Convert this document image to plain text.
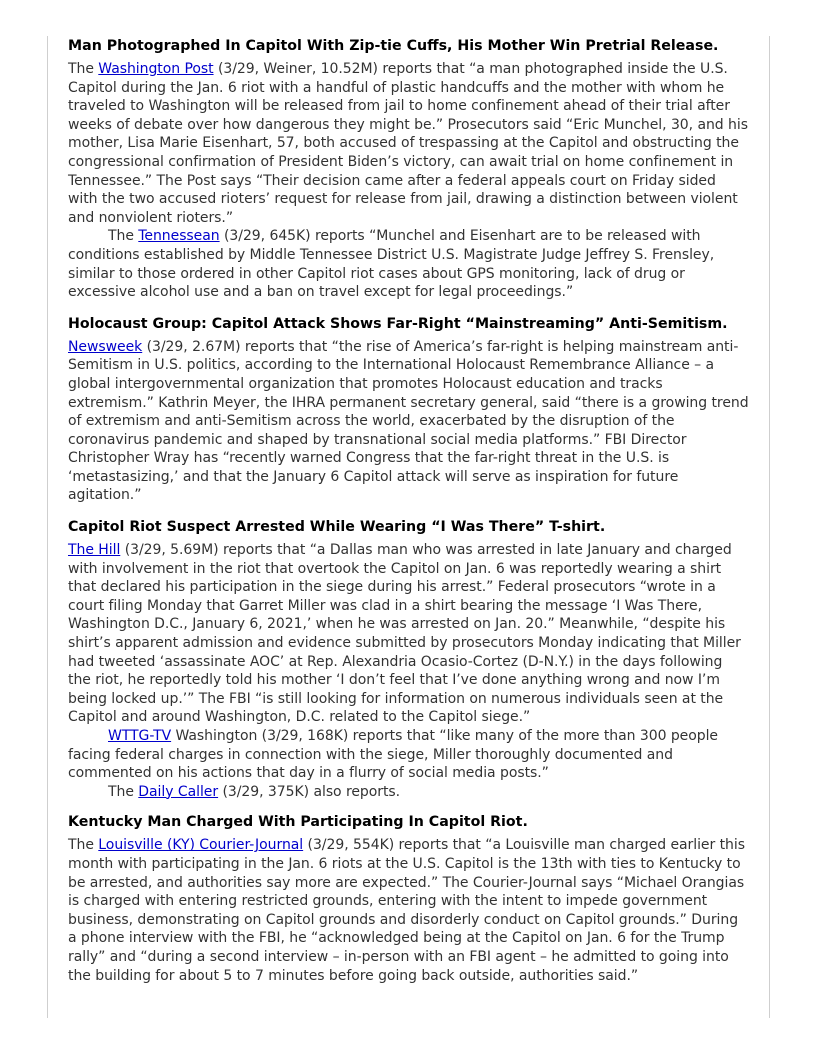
Man Photographed In Capitol With Zip-tie Cuffs, His Mother Win Pretrial Release.

The Washington Post (3/29, Weiner, 10.52M) reports that “a man photographed inside the U.S. Capitol during the Jan. 6 riot with a handful of plastic handcuffs and the mother with whom he traveled to Washington will be released from jail to home confinement ahead of their trial after weeks of debate over how dangerous they might be.” Prosecutors said “Eric Munchel, 30, and his mother, Lisa Marie Eisenhart, 57, both accused of trespassing at the Capitol and obstructing the congressional confirmation of President Biden’s victory, can await trial on home confinement in Tennessee.” The Post says “Their decision came after a federal appeals court on Friday sided with the two accused rioters’ request for release from jail, drawing a distinction between violent and nonviolent rioters.”

The Tennessean (3/29, 645K) reports “Munchel and Eisenhart are to be released with conditions established by Middle Tennessee District U.S. Magistrate Judge Jeffrey S. Frensley, similar to those ordered in other Capitol riot cases about GPS monitoring, lack of drug or excessive alcohol use and a ban on travel except for legal proceedings.”

Holocaust Group: Capitol Attack Shows Far-Right “Mainstreaming” Anti-Semitism.

Newsweek (3/29, 2.67M) reports that “the rise of America’s far-right is helping mainstream anti-Semitism in U.S. politics, according to the International Holocaust Remembrance Alliance – a global intergovernmental organization that promotes Holocaust education and tracks extremism.” Kathrin Meyer, the IHRA permanent secretary general, said “there is a growing trend of extremism and anti-Semitism across the world, exacerbated by the disruption of the coronavirus pandemic and shaped by transnational social media platforms.” FBI Director Christopher Wray has “recently warned Congress that the far-right threat in the U.S. is ‘metastasizing,’ and that the January 6 Capitol attack will serve as inspiration for future agitation.”

Capitol Riot Suspect Arrested While Wearing “I Was There” T-shirt.

The Hill (3/29, 5.69M) reports that “a Dallas man who was arrested in late January and charged with involvement in the riot that overtook the Capitol on Jan. 6 was reportedly wearing a shirt that declared his participation in the siege during his arrest.” Federal prosecutors “wrote in a court filing Monday that Garret Miller was clad in a shirt bearing the message ‘I Was There, Washington D.C., January 6, 2021,’ when he was arrested on Jan. 20.” Meanwhile, “despite his shirt’s apparent admission and evidence submitted by prosecutors Monday indicating that Miller had tweeted ‘assassinate AOC’ at Rep. Alexandria Ocasio-Cortez (D-N.Y.) in the days following the riot, he reportedly told his mother ‘I don’t feel that I’ve done anything wrong and now I’m being locked up.’” The FBI “is still looking for information on numerous individuals seen at the Capitol and around Washington, D.C. related to the Capitol siege.”

WTTG-TV Washington (3/29, 168K) reports that “like many of the more than 300 people facing federal charges in connection with the siege, Miller thoroughly documented and commented on his actions that day in a flurry of social media posts.”

The Daily Caller (3/29, 375K) also reports.

Kentucky Man Charged With Participating In Capitol Riot.

The Louisville (KY) Courier-Journal (3/29, 554K) reports that “a Louisville man charged earlier this month with participating in the Jan. 6 riots at the U.S. Capitol is the 13th with ties to Kentucky to be arrested, and authorities say more are expected.” The Courier-Journal says “Michael Orangias is charged with entering restricted grounds, entering with the intent to impede government business, demonstrating on Capitol grounds and disorderly conduct on Capitol grounds.” During a phone interview with the FBI, he “acknowledged being at the Capitol on Jan. 6 for the Trump rally” and “during a second interview – in-person with an FBI agent – he admitted to going into the building for about 5 to 7 minutes before going back outside, authorities said.”
